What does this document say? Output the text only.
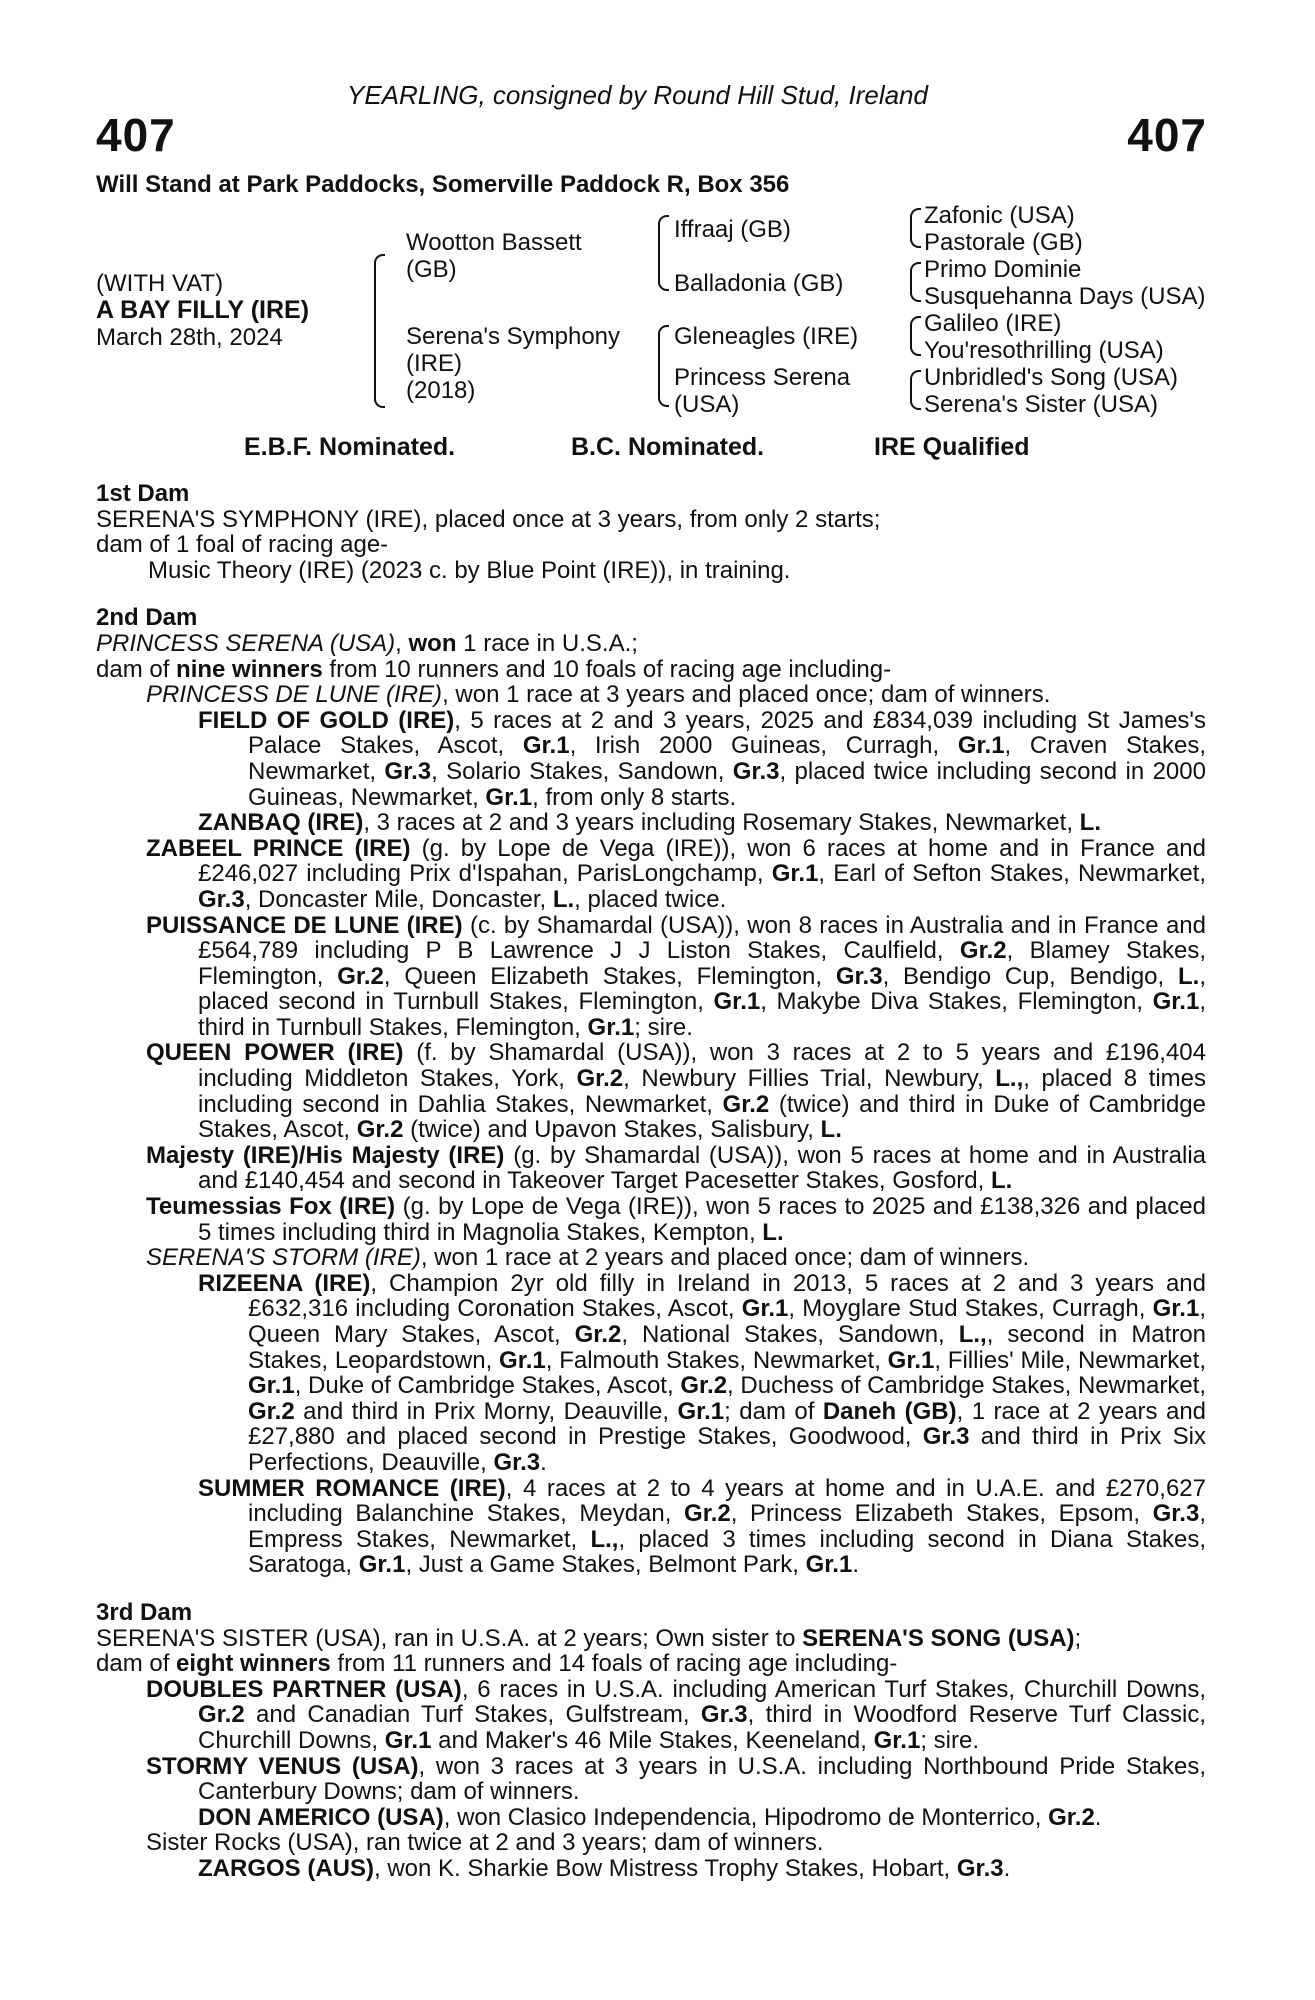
YEARLING, consigned by Round Hill Stud, Ireland
407	407
Will Stand at Park Paddocks, Somerville Paddock R, Box 356
(WITH VAT)
A BAY FILLY (IRE)
March 28th, 2024
Wootton Bassett
(GB)
Serena's Symphony
(IRE)
(2018)
Iffraaj (GB)
Balladonia (GB)
Gleneagles (IRE)
Princess Serena
(USA)
Zafonic (USA)
Pastorale (GB)
Primo Dominie
Susquehanna Days (USA)
Galileo (IRE)
You'resothrilling (USA)
Unbridled's Song (USA)
Serena's Sister (USA)
E.B.F. Nominated.	B.C. Nominated.	IRE Qualified

1st Dam

SERENA'S SYMPHONY (IRE), placed once at 3 years, from only 2 starts;

dam of 1 foal of racing age-

Music Theory (IRE) (2023 c. by Blue Point (IRE)), in training.

2nd Dam

PRINCESS SERENA (USA), won 1 race in U.S.A.;

dam of nine winners from 10 runners and 10 foals of racing age including-

PRINCESS DE LUNE (IRE), won 1 race at 3 years and placed once; dam of winners.

FIELD OF GOLD (IRE), 5 races at 2 and 3 years, 2025 and £834,039 including St James's Palace Stakes, Ascot, Gr.1, Irish 2000 Guineas, Curragh, Gr.1, Craven Stakes, Newmarket, Gr.3, Solario Stakes, Sandown, Gr.3, placed twice including second in 2000 Guineas, Newmarket, Gr.1, from only 8 starts.

ZANBAQ (IRE), 3 races at 2 and 3 years including Rosemary Stakes, Newmarket, L.

ZABEEL PRINCE (IRE) (g. by Lope de Vega (IRE)), won 6 races at home and in France and £246,027 including Prix d'Ispahan, ParisLongchamp, Gr.1, Earl of Sefton Stakes, Newmarket, Gr.3, Doncaster Mile, Doncaster, L., placed twice.

PUISSANCE DE LUNE (IRE) (c. by Shamardal (USA)), won 8 races in Australia and in France and £564,789 including P B Lawrence J J Liston Stakes, Caulfield, Gr.2, Blamey Stakes, Flemington, Gr.2, Queen Elizabeth Stakes, Flemington, Gr.3, Bendigo Cup, Bendigo, L., placed second in Turnbull Stakes, Flemington, Gr.1, Makybe Diva Stakes, Flemington, Gr.1, third in Turnbull Stakes, Flemington, Gr.1; sire.

QUEEN POWER (IRE) (f. by Shamardal (USA)), won 3 races at 2 to 5 years and £196,404 including Middleton Stakes, York, Gr.2, Newbury Fillies Trial, Newbury, L.,, placed 8 times including second in Dahlia Stakes, Newmarket, Gr.2 (twice) and third in Duke of Cambridge Stakes, Ascot, Gr.2 (twice) and Upavon Stakes, Salisbury, L.

Majesty (IRE)/His Majesty (IRE) (g. by Shamardal (USA)), won 5 races at home and in Australia and £140,454 and second in Takeover Target Pacesetter Stakes, Gosford, L.

Teumessias Fox (IRE) (g. by Lope de Vega (IRE)), won 5 races to 2025 and £138,326 and placed 5 times including third in Magnolia Stakes, Kempton, L.

SERENA'S STORM (IRE), won 1 race at 2 years and placed once; dam of winners.

RIZEENA (IRE), Champion 2yr old filly in Ireland in 2013, 5 races at 2 and 3 years and £632,316 including Coronation Stakes, Ascot, Gr.1, Moyglare Stud Stakes, Curragh, Gr.1, Queen Mary Stakes, Ascot, Gr.2, National Stakes, Sandown, L.,, second in Matron Stakes, Leopardstown, Gr.1, Falmouth Stakes, Newmarket, Gr.1, Fillies' Mile, Newmarket, Gr.1, Duke of Cambridge Stakes, Ascot, Gr.2, Duchess of Cambridge Stakes, Newmarket, Gr.2 and third in Prix Morny, Deauville, Gr.1; dam of Daneh (GB), 1 race at 2 years and £27,880 and placed second in Prestige Stakes, Goodwood, Gr.3 and third in Prix Six Perfections, Deauville, Gr.3.

SUMMER ROMANCE (IRE), 4 races at 2 to 4 years at home and in U.A.E. and £270,627 including Balanchine Stakes, Meydan, Gr.2, Princess Elizabeth Stakes, Epsom, Gr.3, Empress Stakes, Newmarket, L.,, placed 3 times including second in Diana Stakes, Saratoga, Gr.1, Just a Game Stakes, Belmont Park, Gr.1.

3rd Dam

SERENA'S SISTER (USA), ran in U.S.A. at 2 years; Own sister to SERENA'S SONG (USA);

dam of eight winners from 11 runners and 14 foals of racing age including-

DOUBLES PARTNER (USA), 6 races in U.S.A. including American Turf Stakes, Churchill Downs, Gr.2 and Canadian Turf Stakes, Gulfstream, Gr.3, third in Woodford Reserve Turf Classic, Churchill Downs, Gr.1 and Maker's 46 Mile Stakes, Keeneland, Gr.1; sire.

STORMY VENUS (USA), won 3 races at 3 years in U.S.A. including Northbound Pride Stakes, Canterbury Downs; dam of winners.

DON AMERICO (USA), won Clasico Independencia, Hipodromo de Monterrico, Gr.2.

Sister Rocks (USA), ran twice at 2 and 3 years; dam of winners.

ZARGOS (AUS), won K. Sharkie Bow Mistress Trophy Stakes, Hobart, Gr.3.
